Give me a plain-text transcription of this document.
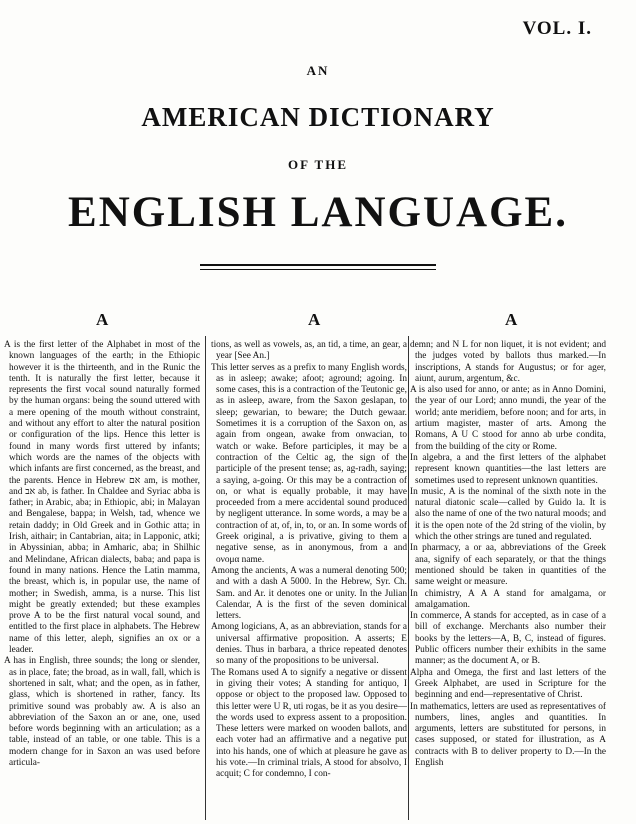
VOL. I.
AN
AMERICAN DICTIONARY
OF THE
ENGLISH LANGUAGE.
A	A	A

A is the first letter of the Alphabet in most of the known languages of the earth; in the Ethiopic however it is the thirteenth, and in the Runic the tenth. It is naturally the first letter, because it represents the first vocal sound naturally formed by the human organs: being the sound uttered with a mere opening of the mouth without constraint, and without any effort to alter the natural position or configuration of the lips. Hence this letter is found in many words first uttered by infants; which words are the names of the objects with which infants are first concerned, as the breast, and the parents. Hence in Hebrew אם am, is mother, and אב ab, is father. In Chaldee and Syriac abba is father; in Arabic, aba; in Ethiopic, abi; in Malayan and Bengalese, bappa; in Welsh, tad, whence we retain daddy; in Old Greek and in Gothic atta; in Irish, aithair; in Cantabrian, aita; in Lapponic, atki; in Abyssinian, abba; in Amharic, aba; in Shilhic and Melindane, African dialects, baba; and papa is found in many nations. Hence the Latin mamma, the breast, which is, in popular use, the name of mother; in Swedish, amma, is a nurse. This list might be greatly extended; but these examples prove A to be the first natural vocal sound, and entitled to the first place in alphabets. The Hebrew name of this letter, aleph, signifies an ox or a leader.

A has in English, three sounds; the long or slender, as in place, fate; the broad, as in wall, fall, which is shortened in salt, what; and the open, as in father, glass, which is shortened in rather, fancy. Its primitive sound was probably aw. A is also an abbreviation of the Saxon an or ane, one, used before words beginning with an articulation; as a table, instead of an table, or one table. This is a modern change for in Saxon an was used before articula-

tions, as well as vowels, as, an tid, a time, an gear, a year [See An.]

This letter serves as a prefix to many English words, as in asleep; awake; afoot; aground; agoing. In some cases, this is a contraction of the Teutonic ge, as in asleep, aware, from the Saxon geslapan, to sleep; gewarian, to beware; the Dutch gewaar. Sometimes it is a corruption of the Saxon on, as again from ongean, awake from onwacian, to watch or wake. Before participles, it may be a contraction of the Celtic ag, the sign of the participle of the present tense; as, ag-radh, saying; a saying, a-going. Or this may be a contraction of on, or what is equally probable, it may have proceeded from a mere accidental sound produced by negligent utterance. In some words, a may be a contraction of at, of, in, to, or an. In some words of Greek original, a is privative, giving to them a negative sense, as in anonymous, from a and ονομα name.

Among the ancients, A was a numeral denoting 500; and with a dash A 5000. In the Hebrew, Syr. Ch. Sam. and Ar. it denotes one or unity. In the Julian Calendar, A is the first of the seven dominical letters.

Among logicians, A, as an abbreviation, stands for a universal affirmative proposition. A asserts; E denies. Thus in barbara, a thrice repeated denotes so many of the propositions to be universal.

The Romans used A to signify a negative or dissent in giving their votes; A standing for antiquo, I oppose or object to the proposed law. Opposed to this letter were U R, uti rogas, be it as you desire—the words used to express assent to a proposition. These letters were marked on wooden ballots, and each voter had an affirmative and a negative put into his hands, one of which at pleasure he gave as his vote.—In criminal trials, A stood for absolvo, I acquit; C for condemno, I con-

demn; and N L for non liquet, it is not evident; and the judges voted by ballots thus marked.—In inscriptions, A stands for Augustus; or for ager, aiunt, aurum, argentum, &c.

A is also used for anno, or ante; as in Anno Domini, the year of our Lord; anno mundi, the year of the world; ante meridiem, before noon; and for arts, in artium magister, master of arts. Among the Romans, A U C stood for anno ab urbe condita, from the building of the city or Rome.

In algebra, a and the first letters of the alphabet represent known quantities—the last letters are sometimes used to represent unknown quantities.

In music, A is the nominal of the sixth note in the natural diatonic scale—called by Guido la. It is also the name of one of the two natural moods; and it is the open note of the 2d string of the violin, by which the other strings are tuned and regulated.

In pharmacy, a or aa, abbreviations of the Greek ana, signify of each separately, or that the things mentioned should be taken in quantities of the same weight or measure.

In chimistry, A A A stand for amalgama, or amalgamation.

In commerce, A stands for accepted, as in case of a bill of exchange. Merchants also number their books by the letters—A, B, C, instead of figures. Public officers number their exhibits in the same manner; as the document A, or B.

Alpha and Omega, the first and last letters of the Greek Alphabet, are used in Scripture for the beginning and end—representative of Christ.

In mathematics, letters are used as representatives of numbers, lines, angles and quantities. In arguments, letters are substituted for persons, in cases supposed, or stated for illustration, as A contracts with B to deliver property to D.—In the English
